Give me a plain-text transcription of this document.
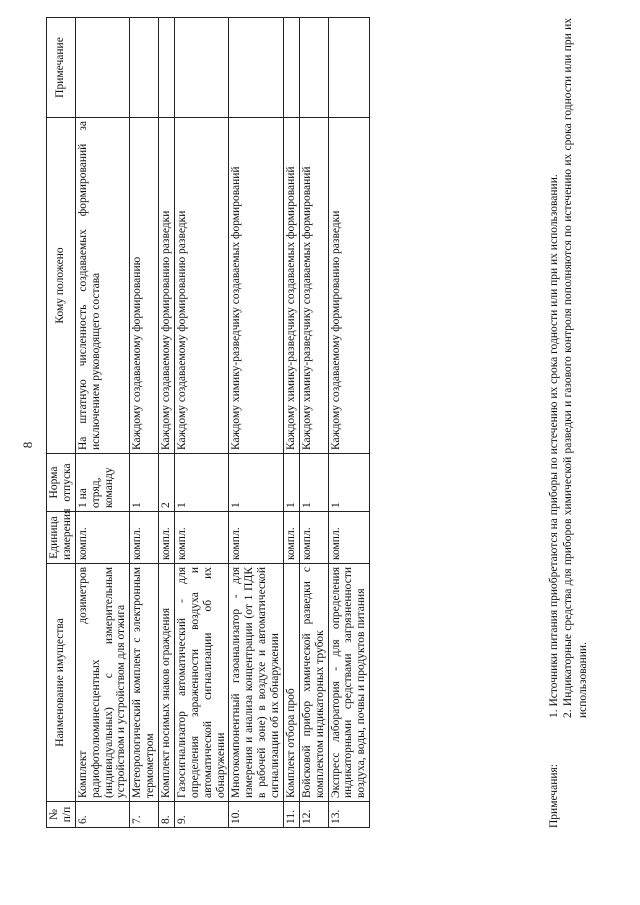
8
№ п/п	Наименование имущества	Единица измерения	Норма отпуска	Кому положено	Примечание
6.	Комплект дозиметров радиофотолюминесцентных (индивидуальных) с измерительным устройством и устройством для отжига	компл.	1 на отряд, команду	На штатную численность создаваемых формирований за исключением руководящего состава	
7.	Метеорологический комплект с электронным термометром	компл.	1	Каждому создаваемому формированию	
8.	Комплект носимых знаков ограждения	компл.	2	Каждому создаваемому формированию разведки	
9.	Газосигнализатор автоматический - для определения зараженности воздуха и автоматической сигнализации об их обнаружении	компл.	1	Каждому создаваемому формированию разведки	
10.	Многокомпонентный газоанализатор - для измерения и анализа концентрации (от 1 ПДК в рабочей зоне) в воздухе и автоматической сигнализации об их обнаружении	компл.	1	Каждому химику-разведчику создаваемых формирований	
11.	Комплект отбора проб	компл.	1	Каждому химику-разведчику создаваемых формирований	
12.	Войсковой прибор химической разведки с комплектом индикаторных трубок	компл.	1	Каждому химику-разведчику создаваемых формирований	
13.	Экспресс лаборатория - для определения индикаторными средствами загрязненности воздуха, воды, почвы и продуктов питания	компл.	1	Каждому создаваемому формированию разведки	
Примечания:
1. Источники питания приобретаются на приборы по истечению их срока годности или при их использовании. 2. Индикаторные средства для приборов химической разведки и газового контроля пополняются по истечению их срока годности или при их использовании.
